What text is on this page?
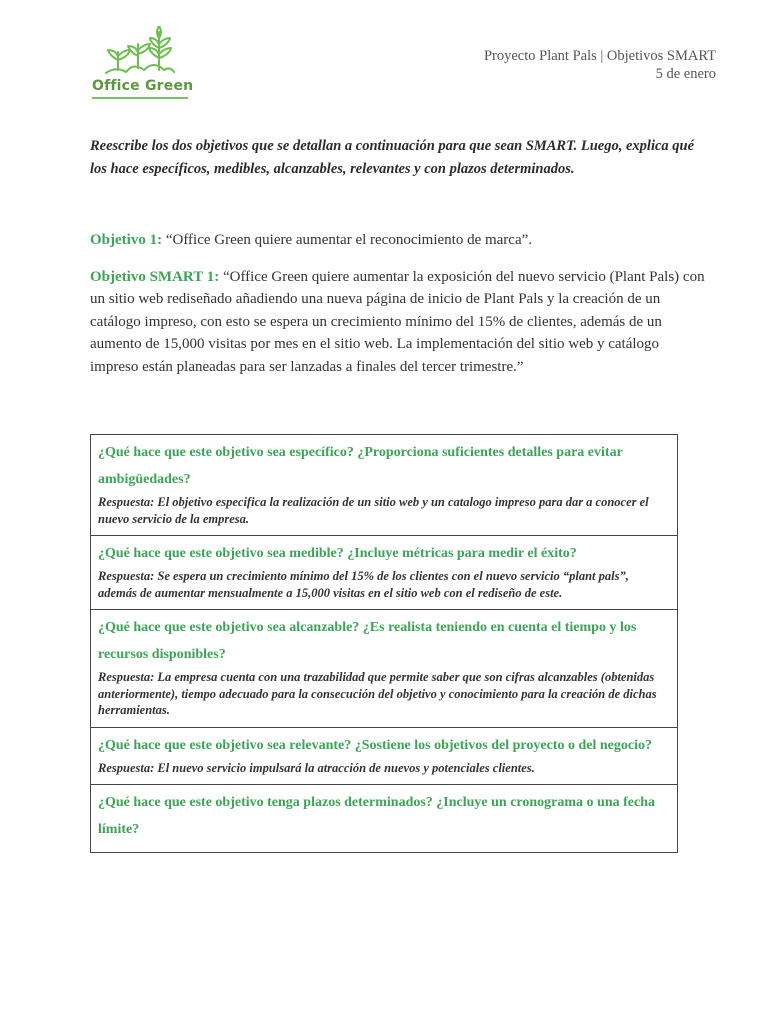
Office Green
Proyecto Plant Pals | Objetivos SMART
5 de enero
Reescribe los dos objetivos que se detallan a continuación para que sean SMART. Luego, explica qué los hace específicos, medibles, alcanzables, relevantes y con plazos determinados.
Objetivo 1: “Office Green quiere aumentar el reconocimiento de marca”.
Objetivo SMART 1: “Office Green quiere aumentar la exposición del nuevo servicio (Plant Pals) con un sitio web rediseñado añadiendo una nueva página de inicio de Plant Pals y la creación de un catálogo impreso, con esto se espera un crecimiento mínimo del 15% de clientes, además de un aumento de 15,000 visitas por mes en el sitio web. La implementación del sitio web y catálogo impreso están planeadas para ser lanzadas a finales del tercer trimestre.”
¿Qué hace que este objetivo sea específico? ¿Proporciona suficientes detalles para evitar ambigüedades?
Respuesta: El objetivo especifica la realización de un sitio web y un catalogo impreso para dar a conocer el nuevo servicio de la empresa.
¿Qué hace que este objetivo sea medible? ¿Incluye métricas para medir el éxito?
Respuesta: Se espera un crecimiento mínimo del 15% de los clientes con el nuevo servicio “plant pals”, además de aumentar mensualmente a 15,000 visitas en el sitio web con el rediseño de este.
¿Qué hace que este objetivo sea alcanzable? ¿Es realista teniendo en cuenta el tiempo y los recursos disponibles?
Respuesta: La empresa cuenta con una trazabilidad que permite saber que son cifras alcanzables (obtenidas anteriormente), tiempo adecuado para la consecución del objetivo y conocimiento para la creación de dichas herramientas.
¿Qué hace que este objetivo sea relevante? ¿Sostiene los objetivos del proyecto o del negocio?
Respuesta: El nuevo servicio impulsará la atracción de nuevos y potenciales clientes.
¿Qué hace que este objetivo tenga plazos determinados? ¿Incluye un cronograma o una fecha límite?
